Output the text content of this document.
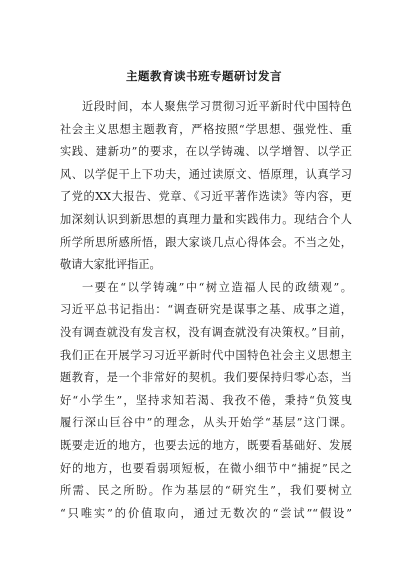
主题教育读书班专题研讨发言
近段时间，本人聚焦学习贯彻习近平新时代中国特色
社会主义思想主题教育，严格按照“学思想、强党性、重
实践、建新功”的要求，在以学铸魂、以学增智、以学正
风、以学促干上下功夫，通过读原文、悟原理，认真学习
了党的XX大报告、党章、《习近平著作选读》等内容，更
加深刻认识到新思想的真理力量和实践伟力。现结合个人
所学所思所感所悟，跟大家谈几点心得体会。不当之处，
敬请大家批评指正。
一要在“以学铸魂”中“树立造福人民的政绩观”。
习近平总书记指出：“调查研究是谋事之基、成事之道，
没有调查就没有发言权，没有调查就没有决策权。”目前，
我们正在开展学习习近平新时代中国特色社会主义思想主
题教育，是一个非常好的契机。我们要保持归零心态，当
好“小学生”，坚持求知若渴、我孜不倦，秉持“负笈曳
履行深山巨谷中”的理念，从头开始学“基层”这门课。
既要走近的地方，也要去远的地方，既要看基础好、发展
好的地方，也要看弱项短板，在微小细节中“捕捉”民之
所需、民之所盼。作为基层的“研究生”，我们要树立
“只唯实”的价值取向，通过无数次的“尝试”“假设”
